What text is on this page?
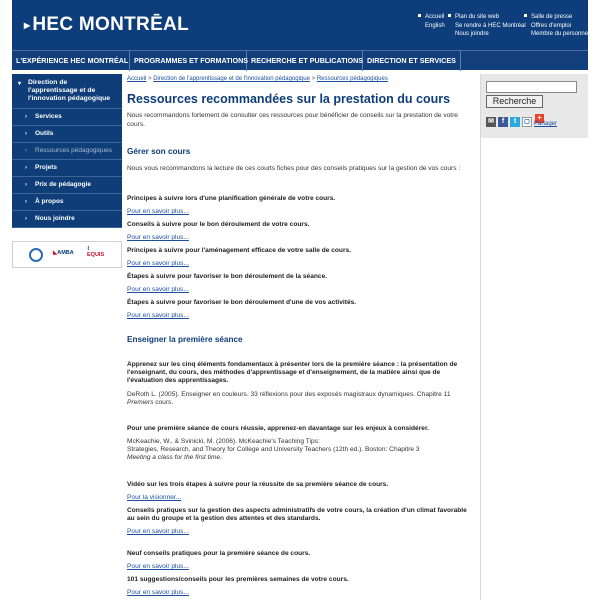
▸ HEC MONTRĒAL	Accueil
English
Plan du site web
Se rendre à HEC Montréal
Nous joindre
Salle de presse
Offres d'emploi
Membre du personnel
L'EXPÉRIENCE HEC MONTRÉAL PROGRAMMES ET FORMATIONS RECHERCHE ET PUBLICATIONS DIRECTION ET SERVICES
▾ Direction de l'apprentissage et de l'innovation pédagogique
› Services
› Outils
› Ressources pédagogiques
› Projets
› Prix de pédagogie
› À propos
› Nous joindre
◣AMBA
⌇
EQUIS
Accueil > Direction de l'apprentissage et de l'innovation pédagogique > Ressources pédagogiques
Ressources recommandées sur la prestation du cours
Nous recommandons fortement de consulter ces ressources pour bénéficier de conseils sur la prestation de votre cours.
Gérer son cours
Nous vous recommandons la lecture de ces courts fiches pour des conseils pratiques sur la gestion de vos cours :
Principes à suivre lors d'une planification générale de votre cours.
Pour en savoir plus...
Conseils à suivre pour le bon déroulement de votre cours.
Pour en savoir plus...
Principes à suivre pour l'aménagement efficace de votre salle de cours.
Pour en savoir plus...
Étapes à suivre pour favoriser le bon déroulement de la séance.
Pour en savoir plus...
Étapes à suivre pour favoriser le bon déroulement d'une de vos activités.
Pour en savoir plus...
Enseigner la première séance
Apprenez sur les cinq éléments fondamentaux à présenter lors de la première séance : la présentation de l'enseignant, du cours, des méthodes d'apprentissage et d'enseignement, de la matière ainsi que de l'évaluation des apprentissages.
DeRoth L. (2005). Enseigner en couleurs. 33 réflexions pour des exposés magistraux dynamiques. Chapitre 11 Premiers cours.
Pour une première séance de cours réussie, apprenez-en davantage sur les enjeux à considérer.
McKeachie, W., & Svinicki, M. (2006). McKeachie's Teaching Tips:
Strategies, Research, and Theory for College and University Teachers (12th ed.). Boston: Chapitre 3
Meeting a class for the first time.
Vidéo sur les trois étapes à suivre pour la réussite de sa première séance de cours.
Pour la visionner...
Conseils pratiques sur la gestion des aspects administratifs de votre cours, la création d'un climat favorable au sein du groupe et la gestion des attentes et des standards.
Pour en savoir plus...
Neuf conseils pratiques pour la première séance de cours.
Pour en savoir plus...
101 suggestions/conseils pour les premières semaines de votre cours.
Pour en savoir plus...
Recherche
✉	f	t	▢	+
Partager
